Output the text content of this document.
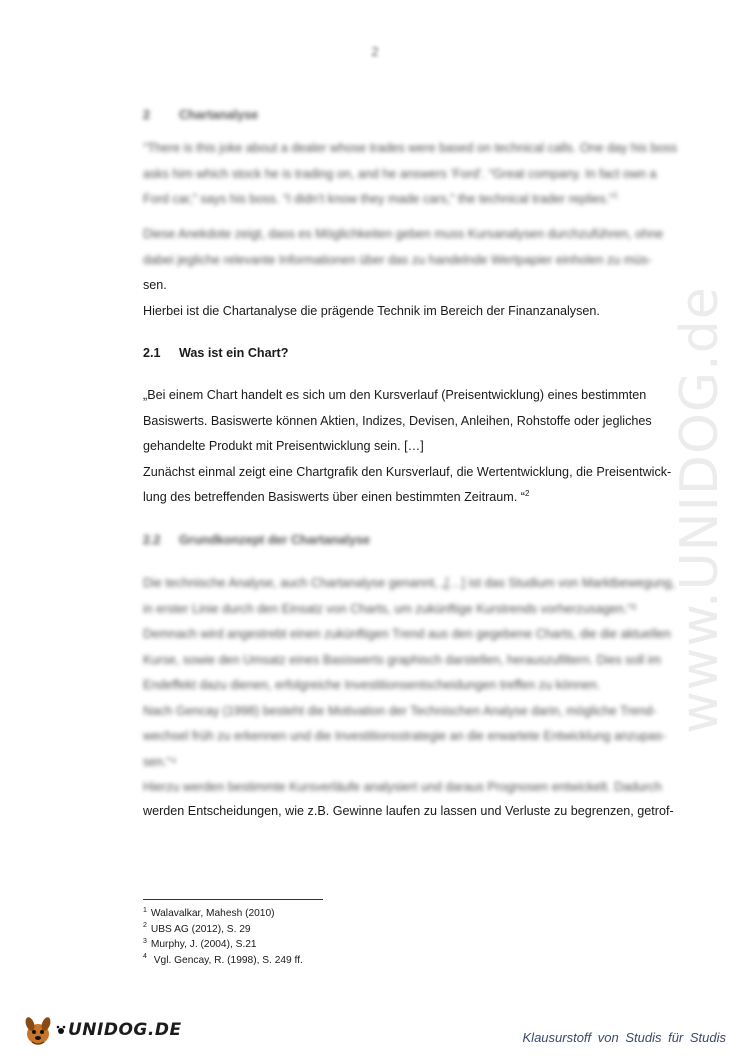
2
www.UNIDOG.de
2 Chartanalyse
“There is this joke about a dealer whose trades were based on technical calls. One day his boss
asks him which stock he is trading on, and he answers ‘Ford’. “Great company. In fact own a
Ford car,” says his boss. “I didn’t know they made cars,” the technical trader replies.”$^1$
Diese Anekdote zeigt, dass es Möglichkeiten geben muss Kursanalysen durchzuführen, ohne
dabei jegliche relevante Informationen über das zu handelnde Wertpapier einholen zu müs-
sen.
Hierbei ist die Chartanalyse die prägende Technik im Bereich der Finanzanalysen.
2.1 Was ist ein Chart?
„Bei einem Chart handelt es sich um den Kursverlauf (Preisentwicklung) eines bestimmten
Basiswerts. Basiswerte können Aktien, Indizes, Devisen, Anleihen, Rohstoffe oder jegliches
gehandelte Produkt mit Preisentwicklung sein. […]
Zunächst einmal zeigt eine Chartgrafik den Kursverlauf, die Wertentwicklung, die Preisentwick-
lung des betreffenden Basiswerts über einen bestimmten Zeitraum. “$^2$
2.2 Grundkonzept der Chartanalyse
Die technische Analyse, auch Chartanalyse genannt, „[…] ist das Studium von Marktbewegung,
in erster Linie durch den Einsatz von Charts, um zukünftige Kurstrends vorherzusagen.“³
Demnach wird angestrebt einen zukünftigen Trend aus den gegebene Charts, die die aktuellen
Kurse, sowie den Umsatz eines Basiswerts graphisch darstellen, herauszufiltern. Dies soll im
Endeffekt dazu dienen, erfolgreiche Investitionsentscheidungen treffen zu können.
Nach Gencay (1998) besteht die Motivation der Technischen Analyse darin, mögliche Trend-
wechsel früh zu erkennen und die Investitionsstrategie an die erwartete Entwicklung anzupas-
sen.“⁴
Hierzu werden bestimmte Kursverläufe analysiert und daraus Prognosen entwickelt. Dadurch
werden Entscheidungen, wie z.B. Gewinne laufen zu lassen und Verluste zu begrenzen, getrof-
$^1$ Walavalkar, Mahesh (2010)
$^2$ UBS AG (2012), S. 29
$^3$ Murphy, J. (2004), S.21
$^4$ Vgl. Gencay, R. (1998), S. 249 ff.
UNIDOG.DE	Klausurstoff von Studis für Studis
